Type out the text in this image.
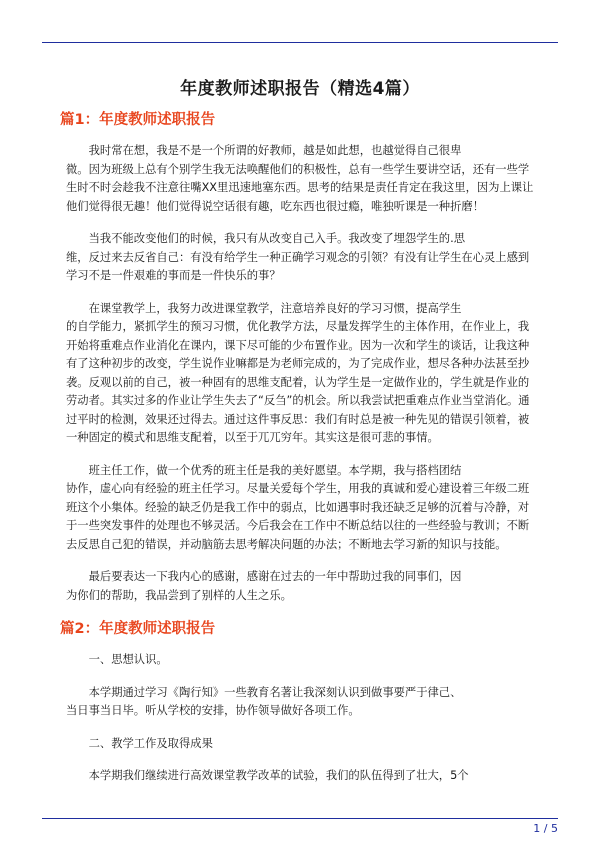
年度教师述职报告（精选4篇）
篇1：年度教师述职报告

　　我时常在想，我是不是一个所谓的好教师，越是如此想，也越觉得自己很卑
微。因为班级上总有个别学生我无法唤醒他们的积极性，总有一些学生要讲空话，还有一些学生时不时会趁我不注意往嘴XX里迅速地塞东西。思考的结果是责任肯定在我这里，因为上课让他们觉得很无趣！他们觉得说空话很有趣，吃东西也很过瘾，唯独听课是一种折磨！

　　当我不能改变他们的时候，我只有从改变自己入手。我改变了埋怨学生的.思
维，反过来去反省自己：有没有给学生一种正确学习观念的引领？有没有让学生在心灵上感到学习不是一件艰难的事而是一件快乐的事？

　　在课堂教学上，我努力改进课堂教学，注意培养良好的学习习惯，提高学生
的自学能力，紧抓学生的预习习惯，优化教学方法，尽量发挥学生的主体作用，在作业上，我开始将重难点作业消化在课内，课下尽可能的少布置作业。因为一次和学生的谈话，让我这种有了这种初步的改变，学生说作业嘛都是为老师完成的，为了完成作业，想尽各种办法甚至抄袭。反观以前的自己，被一种固有的思维支配着，认为学生是一定做作业的，学生就是作业的劳动者。其实过多的作业让学生失去了“反刍”的机会。所以我尝试把重难点作业当堂消化。通过平时的检测，效果还过得去。通过这件事反思：我们有时总是被一种先见的错误引领着，被一种固定的模式和思维支配着，以至于兀兀穷年。其实这是很可悲的事情。

　　班主任工作，做一个优秀的班主任是我的美好愿望。本学期，我与搭档团结
协作，虚心向有经验的班主任学习。尽量关爱每个学生，用我的真诚和爱心建设着三年级二班班这个小集体。经验的缺乏仍是我工作中的弱点，比如遇事时我还缺乏足够的沉着与冷静，对于一些突发事件的处理也不够灵活。今后我会在工作中不断总结以往的一些经验与教训；不断去反思自己犯的错误，并动脑筋去思考解决问题的办法；不断地去学习新的知识与技能。

　　最后要表达一下我内心的感谢，感谢在过去的一年中帮助过我的同事们，因
为你们的帮助，我品尝到了别样的人生之乐。

篇2：年度教师述职报告
　　一、思想认识。

　　本学期通过学习《陶行知》一些教育名著让我深刻认识到做事要严于律己、
当日事当日毕。听从学校的安排，协作领导做好各项工作。

　　二、教学工作及取得成果

　　本学期我们继续进行高效课堂教学改革的试验，我们的队伍得到了壮大，5个

1 / 5
